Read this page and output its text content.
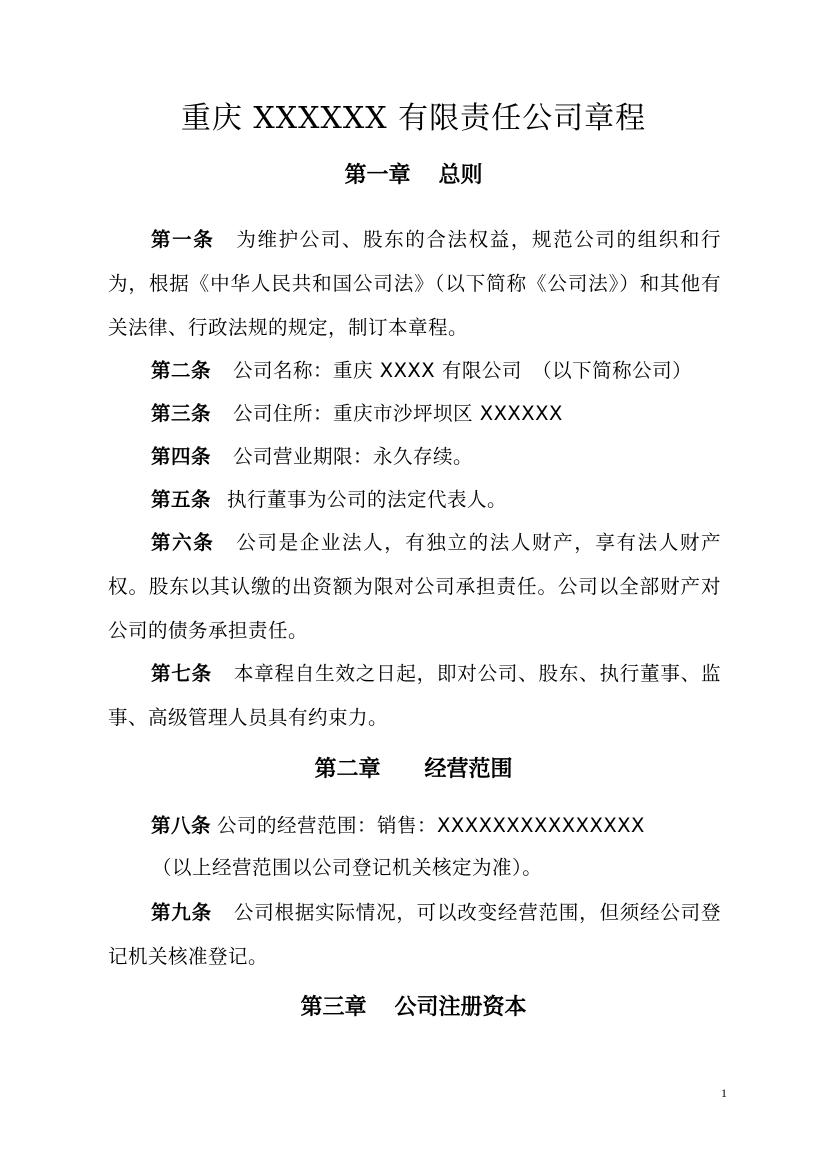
重庆 XXXXXX 有限责任公司章程
第一章 总则

第一条 为维护公司、股东的合法权益，规范公司的组织和行为，根据《中华人民共和国公司法》（以下简称《公司法》）和其他有关法律、行政法规的规定，制订本章程。

第二条 公司名称：重庆 XXXX 有限公司　（以下简称公司）

第三条 公司住所：重庆市沙坪坝区 XXXXXX

第四条 公司营业期限：永久存续。

第五条 执行董事为公司的法定代表人。

第六条 公司是企业法人，有独立的法人财产，享有法人财产权。股东以其认缴的出资额为限对公司承担责任。公司以全部财产对公司的债务承担责任。

第七条 本章程自生效之日起，即对公司、股东、执行董事、监事、高级管理人员具有约束力。

第二章 经营范围

第八条 公司的经营范围：销售：XXXXXXXXXXXXXXX

（以上经营范围以公司登记机关核定为准）。

第九条 公司根据实际情况，可以改变经营范围，但须经公司登记机关核准登记。

第三章 公司注册资本
1
